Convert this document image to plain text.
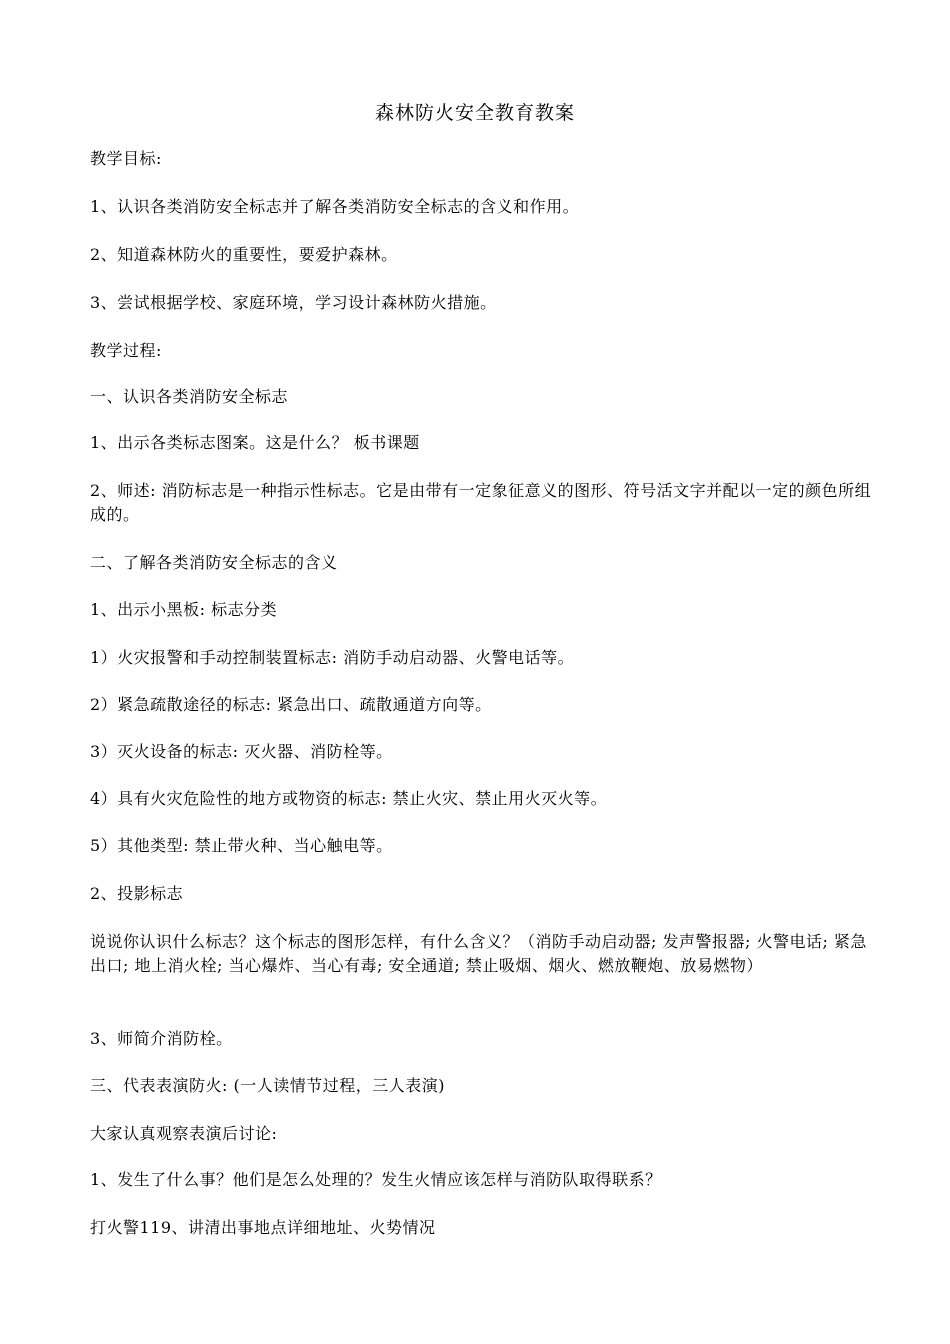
森林防火安全教育教案
教学目标:
1、认识各类消防安全标志并了解各类消防安全标志的含义和作用。
2、知道森林防火的重要性，要爱护森林。
3、尝试根据学校、家庭环境，学习设计森林防火措施。
教学过程:
一、认识各类消防安全标志
1、出示各类标志图案。这是什么？ 板书课题
2、师述: 消防标志是一种指示性标志。它是由带有一定象征意义的图形、符号活文字并配以一定的颜色所组成的。
二、了解各类消防安全标志的含义
1、出示小黑板: 标志分类
1）火灾报警和手动控制装置标志: 消防手动启动器、火警电话等。
2）紧急疏散途径的标志: 紧急出口、疏散通道方向等。
3）灭火设备的标志: 灭火器、消防栓等。
4）具有火灾危险性的地方或物资的标志: 禁止火灾、禁止用火灭火等。
5）其他类型: 禁止带火种、当心触电等。
2、投影标志
说说你认识什么标志？这个标志的图形怎样，有什么含义？（消防手动启动器; 发声警报器; 火警电话; 紧急出口; 地上消火栓; 当心爆炸、当心有毒; 安全通道; 禁止吸烟、烟火、燃放鞭炮、放易燃物）
3、师简介消防栓。
三、代表表演防火: (一人读情节过程，三人表演)
大家认真观察表演后讨论:
1、发生了什么事？他们是怎么处理的？发生火情应该怎样与消防队取得联系？
打火警119、讲清出事地点详细地址、火势情况
